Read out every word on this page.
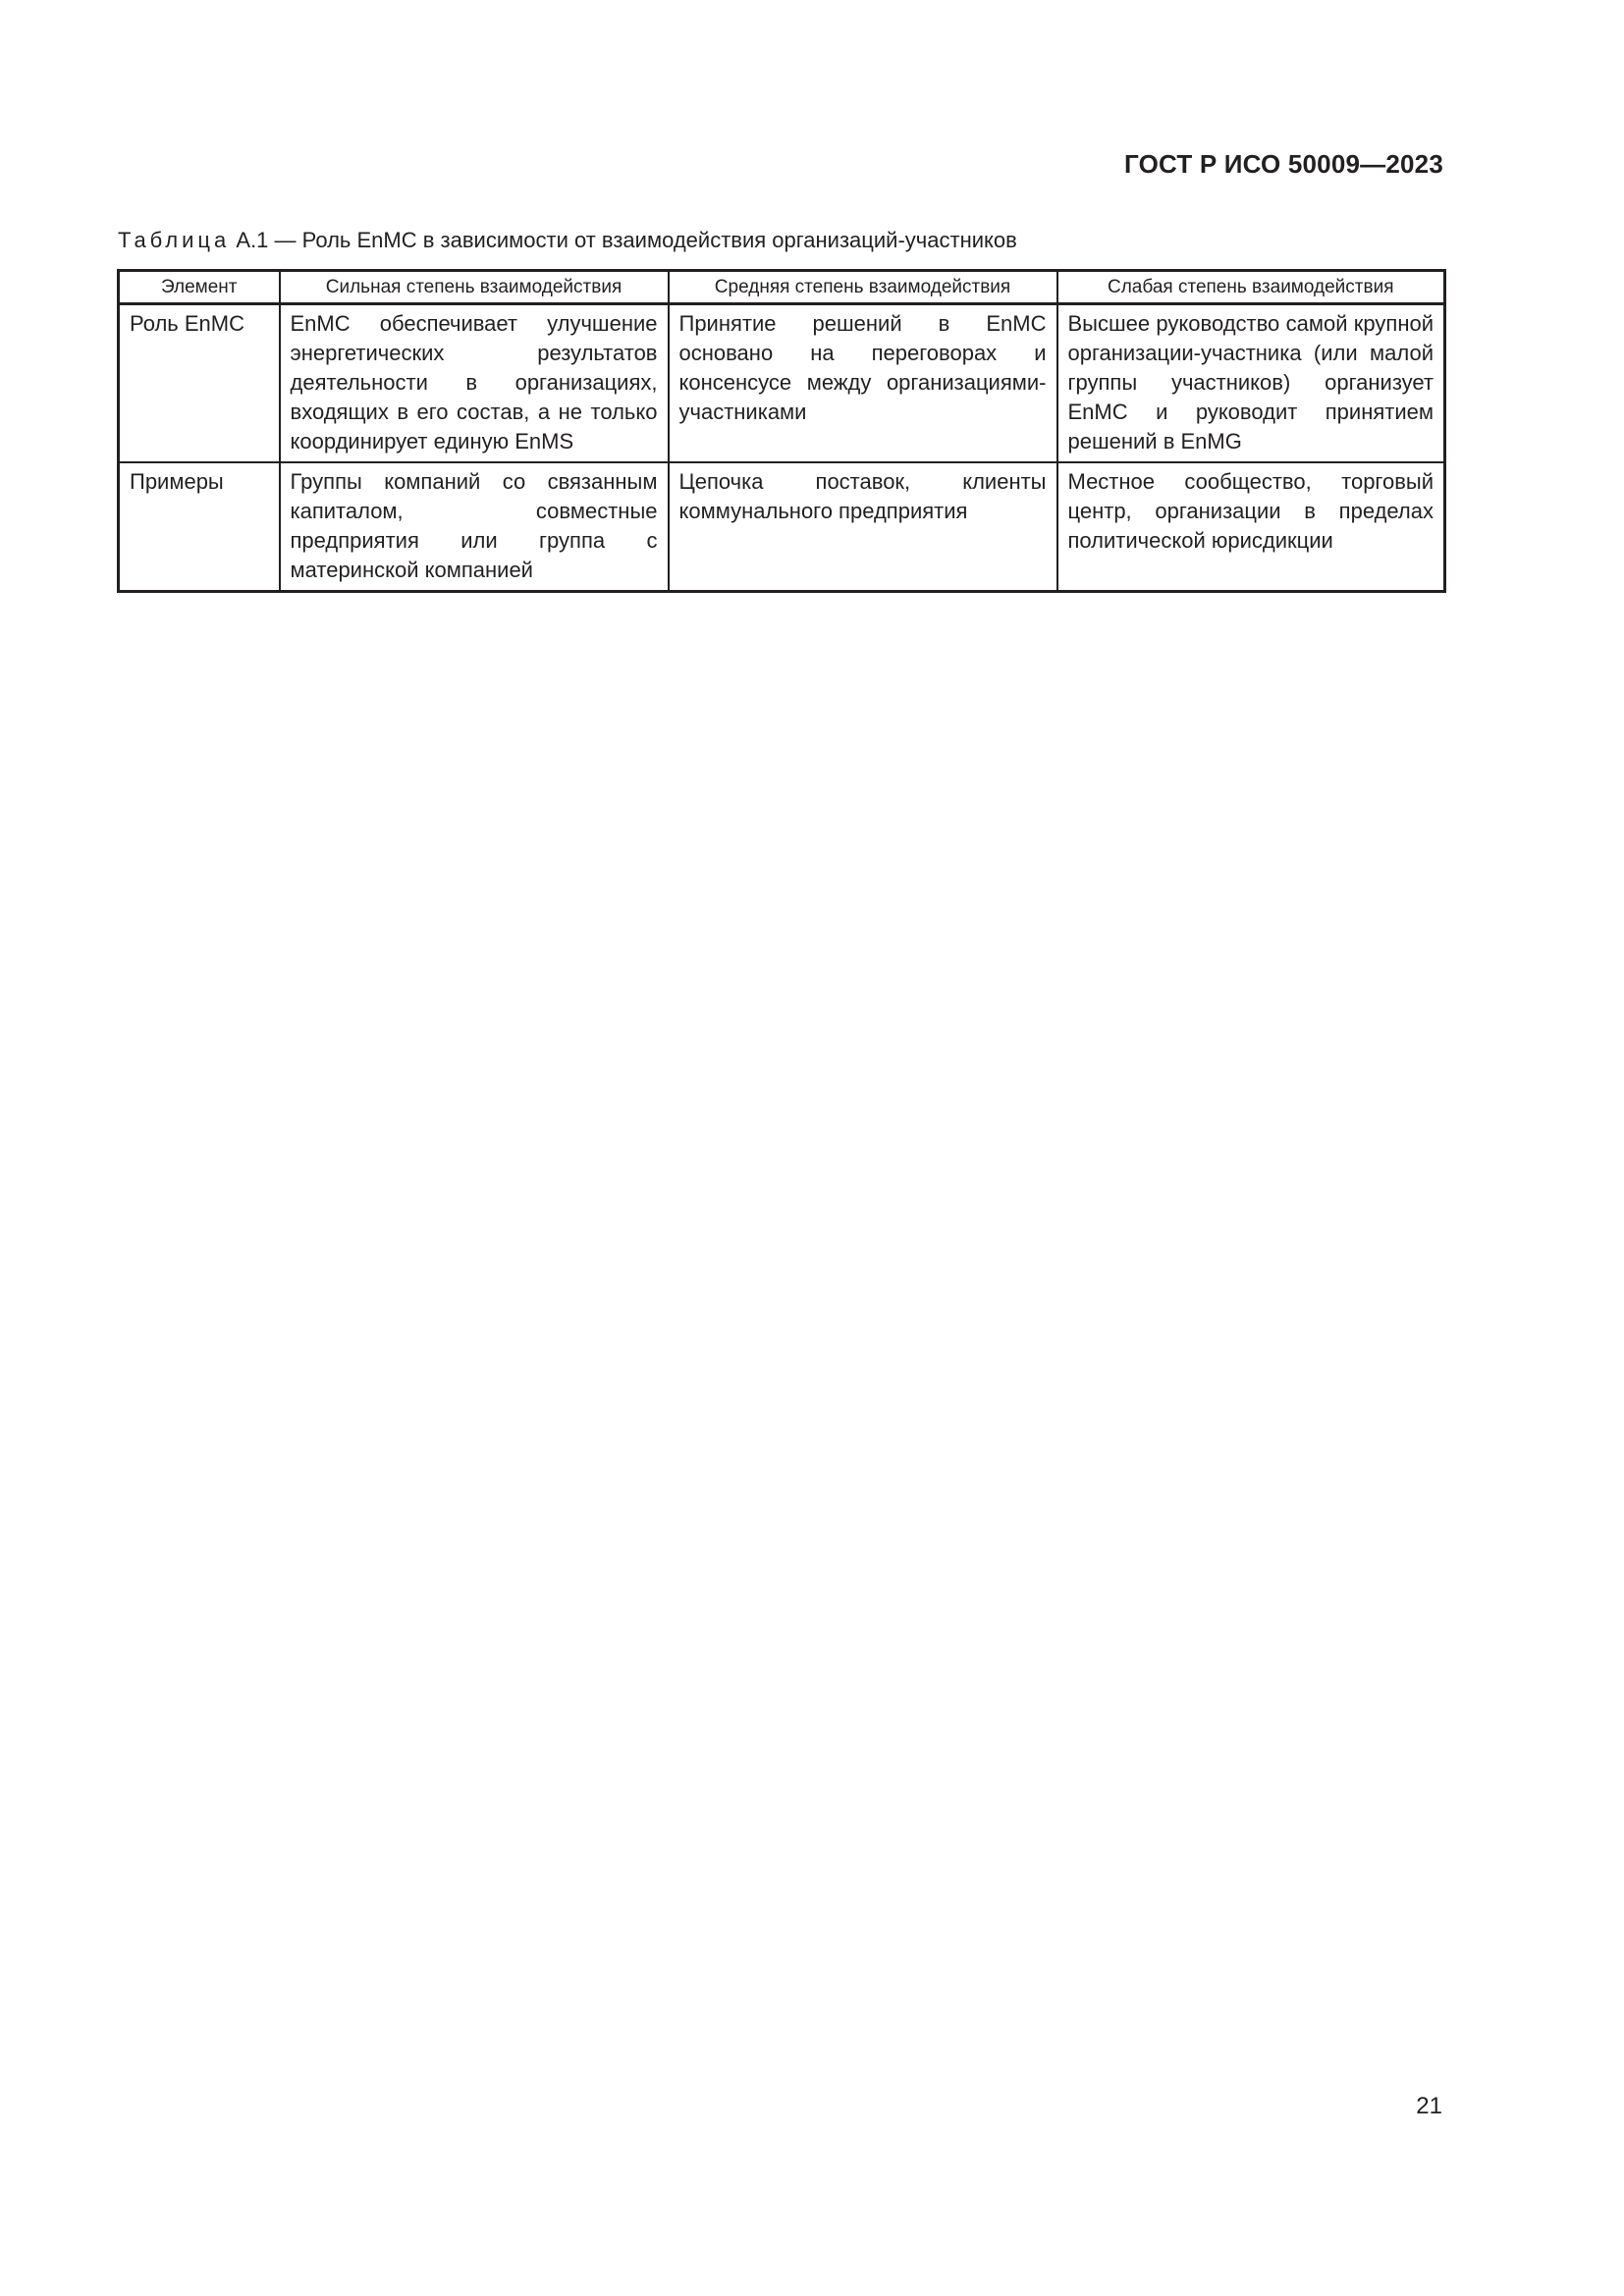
ГОСТ Р ИСО 50009—2023
Таблица А.1 — Роль EnMC в зависимости от взаимодействия организаций-участников
Элемент	Сильная степень взаимодействия	Средняя степень взаимодействия	Слабая степень взаимодействия
Роль EnMC	EnMC обеспечивает улучшение энергетических результатов деятельности в организациях, входящих в его состав, а не только координирует единую EnMS	Принятие решений в EnMC основано на переговорах и консенсусе между организациями-участниками	Высшее руководство самой крупной организации-участника (или малой группы участников) организует EnMC и руководит принятием решений в EnMG
Примеры	Группы компаний со связанным капиталом, совместные предприятия или группа с материнской компанией	Цепочка поставок, клиенты коммунального предприятия	Местное сообщество, торговый центр, организации в пределах политической юрисдикции
21
